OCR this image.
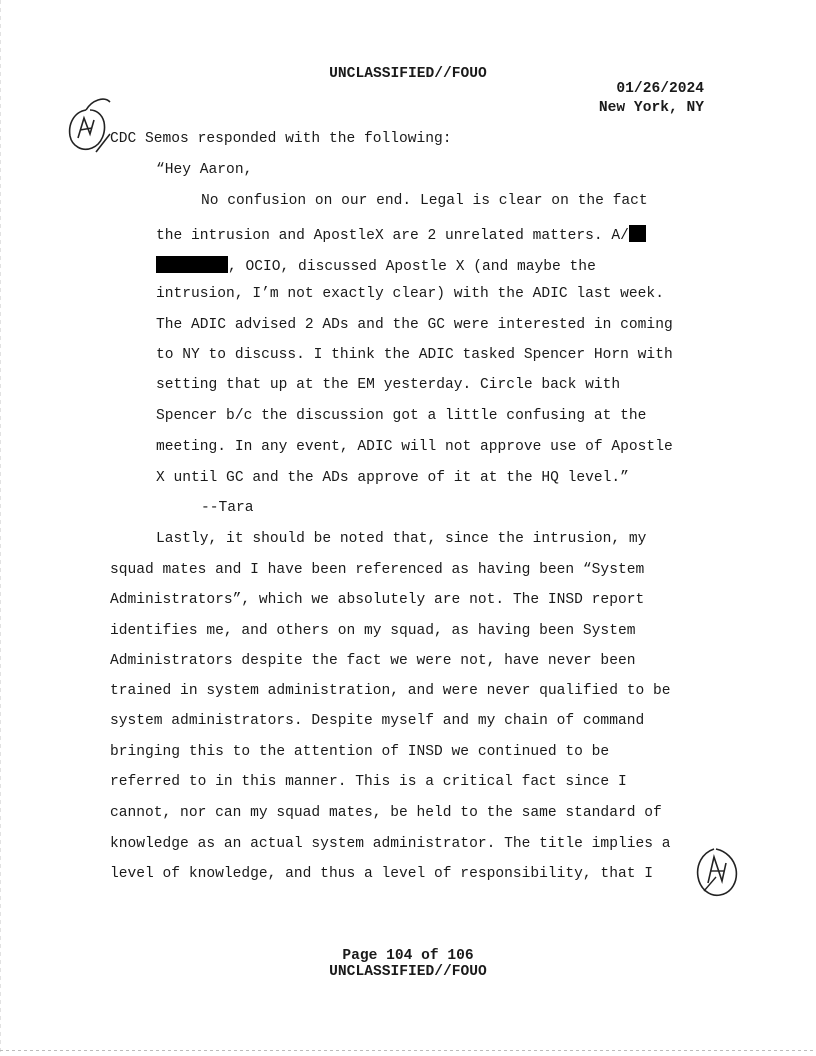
UNCLASSIFIED//FOUO
01/26/2024
New York, NY
CDC Semos responded with the following:
“Hey Aaron,
No confusion on our end. Legal is clear on the fact
the intrusion and ApostleX are 2 unrelated matters. A/
, OCIO, discussed Apostle X (and maybe the
intrusion, I’m not exactly clear) with the ADIC last week.
The ADIC advised 2 ADs and the GC were interested in coming
to NY to discuss. I think the ADIC tasked Spencer Horn with
setting that up at the EM yesterday. Circle back with
Spencer b/c the discussion got a little confusing at the
meeting. In any event, ADIC will not approve use of Apostle
X until GC and the ADs approve of it at the HQ level.”
--Tara
Lastly, it should be noted that, since the intrusion, my
squad mates and I have been referenced as having been “System
Administrators”, which we absolutely are not. The INSD report
identifies me, and others on my squad, as having been System
Administrators despite the fact we were not, have never been
trained in system administration, and were never qualified to be
system administrators. Despite myself and my chain of command
bringing this to the attention of INSD we continued to be
referred to in this manner. This is a critical fact since I
cannot, nor can my squad mates, be held to the same standard of
knowledge as an actual system administrator. The title implies a
level of knowledge, and thus a level of responsibility, that I
Page 104 of 106
UNCLASSIFIED//FOUO
